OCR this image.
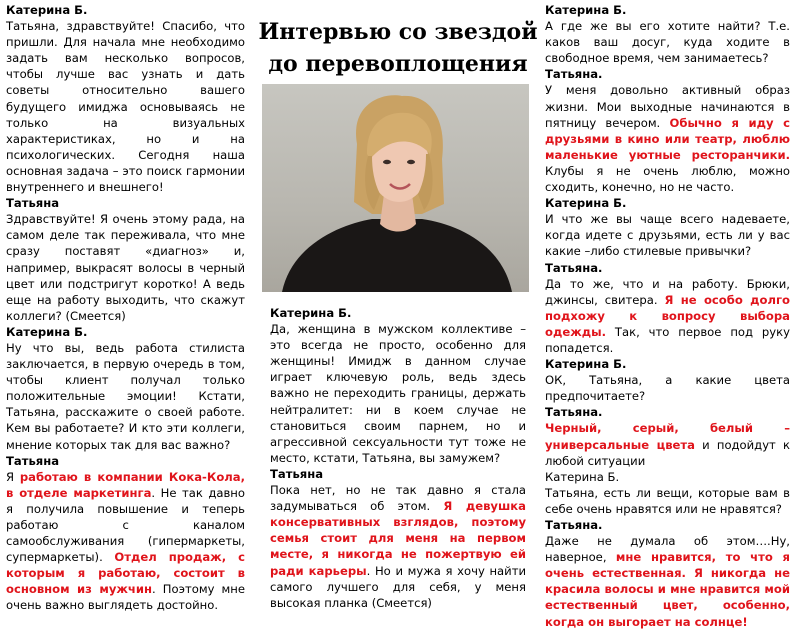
Интервью со звездой
до перевоплощения

Катерина Б.

Татьяна, здравствуйте! Спасибо, что пришли. Для начала мне необходимо задать вам несколько вопросов, чтобы лучше вас узнать и дать советы относительно вашего будущего имиджа основываясь не только на визуальных характеристиках, но и на психологических. Сегодня наша основная задача – это поиск гармонии внутреннего и внешнего!

Татьяна

Здравствуйте! Я очень этому рада, на самом деле так переживала, что мне сразу поставят «диагноз» и, например, выкрасят волосы в черный цвет или подстригут коротко! А ведь еще на работу выходить, что скажут коллеги? (Смеется)

Катерина Б.

Ну что вы, ведь работа стилиста заключается, в первую очередь в том, чтобы клиент получал только положительные эмоции! Кстати, Татьяна, расскажите о своей работе. Кем вы работаете? И кто эти коллеги, мнение которых так для вас важно?

Татьяна

Я работаю в компании Кока-Кола, в отделе маркетинга. Не так давно я получила повышение и теперь работаю с каналом самообслуживания (гипермаркеты, супермаркеты). Отдел продаж, с которым я работаю, состоит в основном из мужчин. Поэтому мне очень важно выглядеть достойно.

Катерина Б.

Да, женщина в мужском коллективе – это всегда не просто, особенно для женщины! Имидж в данном случае играет ключевую роль, ведь здесь важно не переходить границы, держать нейтралитет: ни в коем случае не становиться своим парнем, но и агрессивной сексуальности тут тоже не место, кстати, Татьяна, вы замужем?

Татьяна

Пока нет, но не так давно я стала задумываться об этом. Я девушка консервативных взглядов, поэтому семья стоит для меня на первом месте, я никогда не пожертвую ей ради карьеры. Но и мужа я хочу найти самого лучшего для себя, у меня высокая планка (Смеется)

Катерина Б.

А где же вы его хотите найти? Т.е. каков ваш досуг, куда ходите в свободное время, чем занимаетесь?

Татьяна.

У меня довольно активный образ жизни. Мои выходные начинаются в пятницу вечером. Обычно я иду с друзьями в кино или театр, люблю маленькие уютные ресторанчики. Клубы я не очень люблю, можно сходить, конечно, но не часто.

Катерина Б.

И что же вы чаще всего надеваете, когда идете с друзьями, есть ли у вас какие –либо стилевые привычки?

Татьяна.

Да то же, что и на работу. Брюки, джинсы, свитера. Я не особо долго подхожу к вопросу выбора одежды. Так, что первое под руку попадется.

Катерина Б.

ОК, Татьяна, а какие цвета предпочитаете?

Татьяна.

Черный, серый, белый – универсальные цвета и подойдут к любой ситуации

Катерина Б.

Татьяна, есть ли вещи, которые вам в себе очень нравятся или не нравятся?

Татьяна.

Даже не думала об этом….Ну, наверное, мне нравится, то что я очень естественная. Я никогда не красила волосы и мне нравится мой естественный цвет, особенно, когда он выгорает на солнце!
